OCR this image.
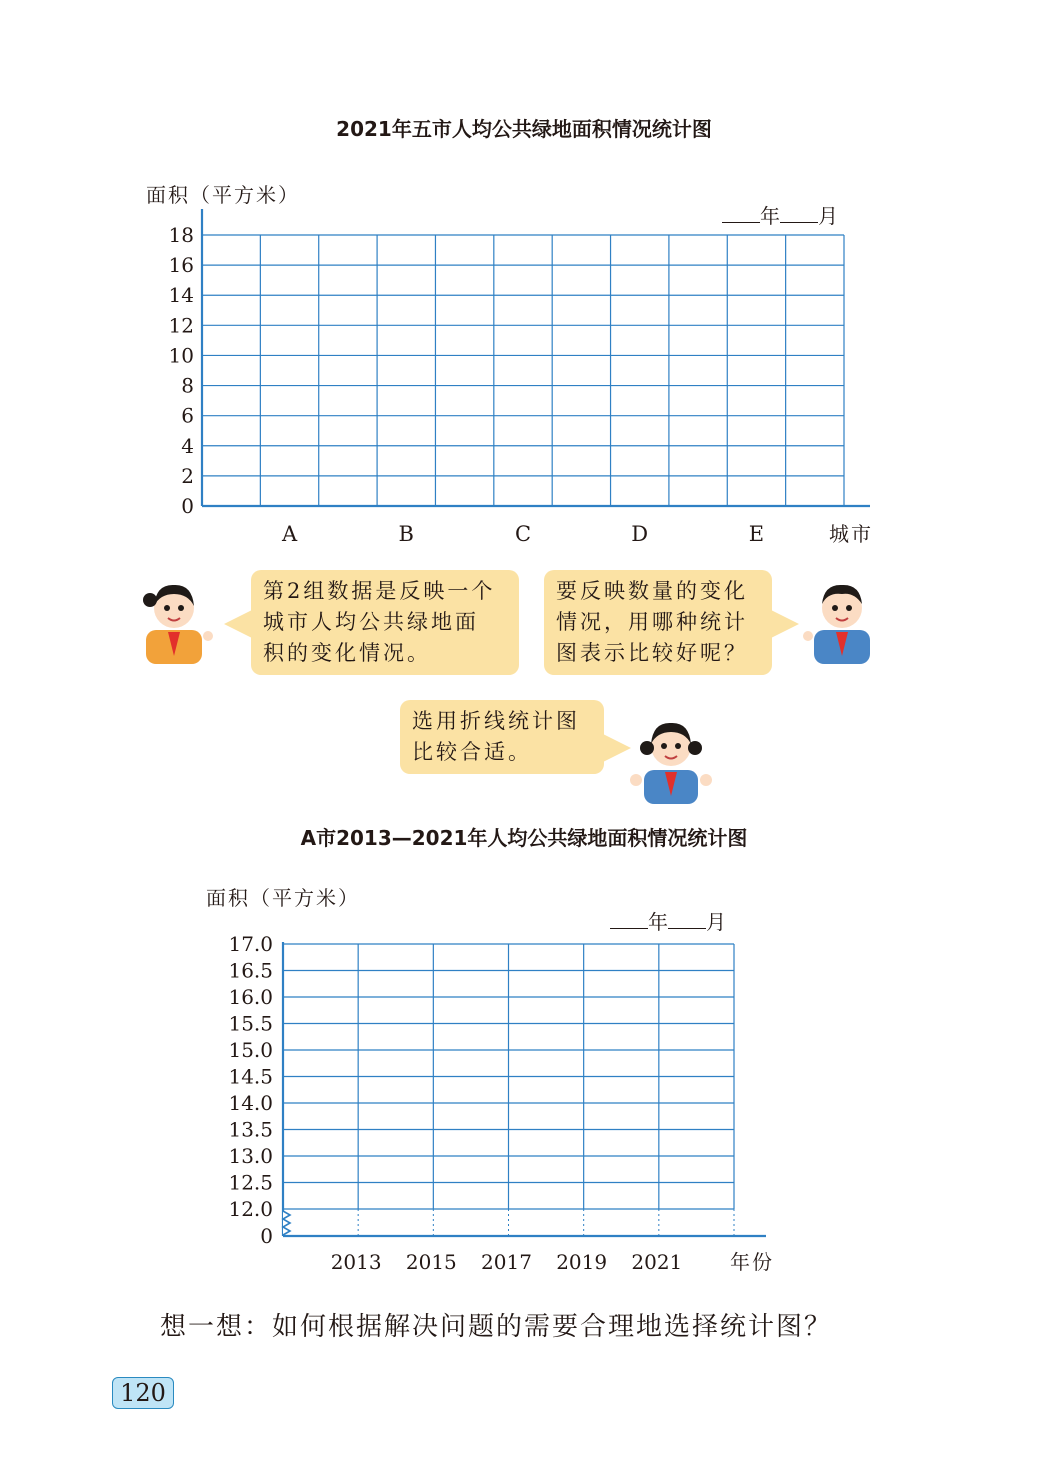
2021年五市人均公共绿地面积情况统计图
面积（平方米）
年 月
0
2
4
6
8
10
12
14
16
18
A	B	C	D	E	城市
第2组数据是反映一个
城市人均公共绿地面
积的变化情况。
要反映数量的变化
情况，用哪种统计
图表示比较好呢？
选用折线统计图
比较合适。
A市2013—2021年人均公共绿地面积情况统计图
面积（平方米）
年 月
12.0
12.5
13.0
13.5
14.0
14.5
15.0
15.5
16.0
16.5
17.0
0
2013 2015 2017 2019 2021 年份
想一想：如何根据解决问题的需要合理地选择统计图？
120
